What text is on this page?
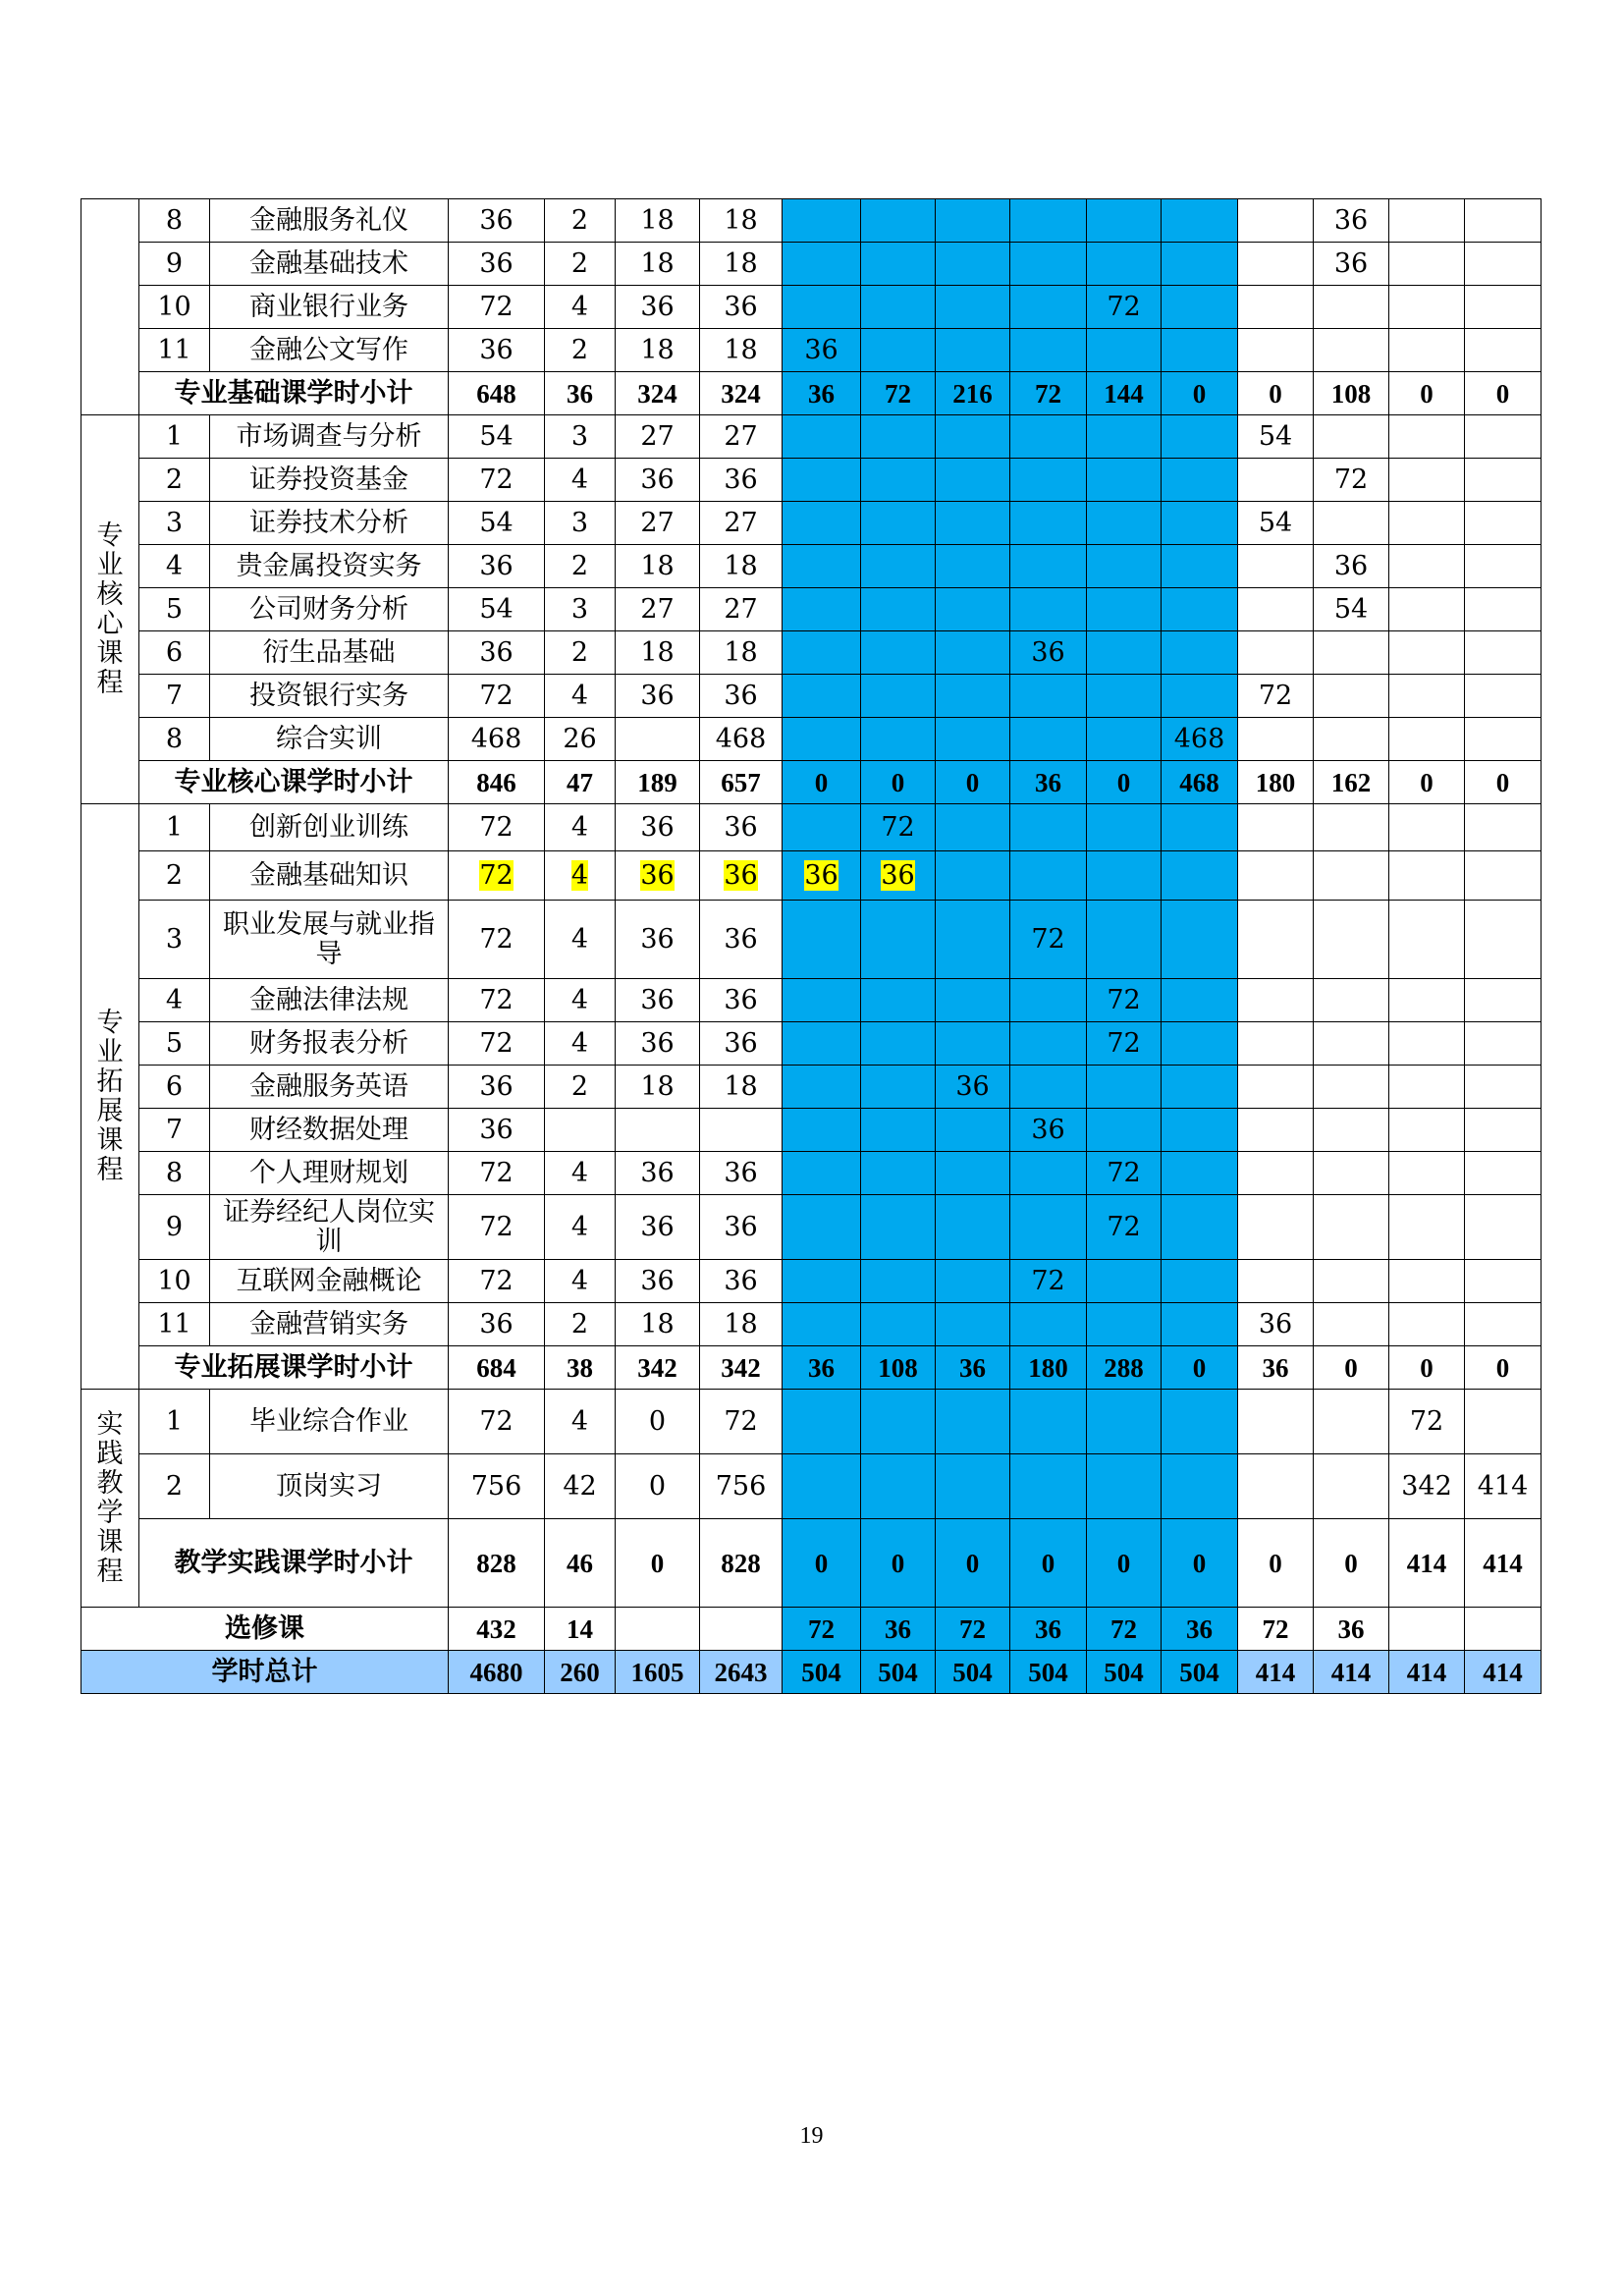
	8	金融服务礼仪	36	2	18	18								36		
	9	金融基础技术	36	2	18	18								36		
	10	商业银行业务	72	4	36	36					72					
	11	金融公文写作	36	2	18	18	36									
	专业基础课学时小计		648	36	324	324	36	72	216	72	144	0	0	108	0	0
专业核心课程	1	市场调查与分析	54	3	27	27							54			
	2	证券投资基金	72	4	36	36								72		
	3	证券技术分析	54	3	27	27							54			
	4	贵金属投资实务	36	2	18	18								36		
	5	公司财务分析	54	3	27	27								54		
	6	衍生品基础	36	2	18	18				36						
	7	投资银行实务	72	4	36	36							72			
	8	综合实训	468	26		468						468				
	专业核心课学时小计		846	47	189	657	0	0	0	36	0	468	180	162	0	0
专业拓展课程	1	创新创业训练	72	4	36	36		72								
	2	金融基础知识	72	4	36	36	36	36								
	3	职业发展与就业指导	72	4	36	36				72						
	4	金融法律法规	72	4	36	36					72					
	5	财务报表分析	72	4	36	36					72					
	6	金融服务英语	36	2	18	18			36							
	7	财经数据处理	36							36						
	8	个人理财规划	72	4	36	36					72					
	9	证券经纪人岗位实训	72	4	36	36					72					
	10	互联网金融概论	72	4	36	36				72						
	11	金融营销实务	36	2	18	18							36			
	专业拓展课学时小计		684	38	342	342	36	108	36	180	288	0	36	0	0	0
实践教学课程	1	毕业综合作业	72	4	0	72									72	
	2	顶岗实习	756	42	0	756									342	414
	教学实践课学时小计		828	46	0	828	0	0	0	0	0	0	0	0	414	414
选修课			432	14			72	36	72	36	72	36	72	36		
学时总计			4680	260	1605	2643	504	504	504	504	504	504	414	414	414	414
19
